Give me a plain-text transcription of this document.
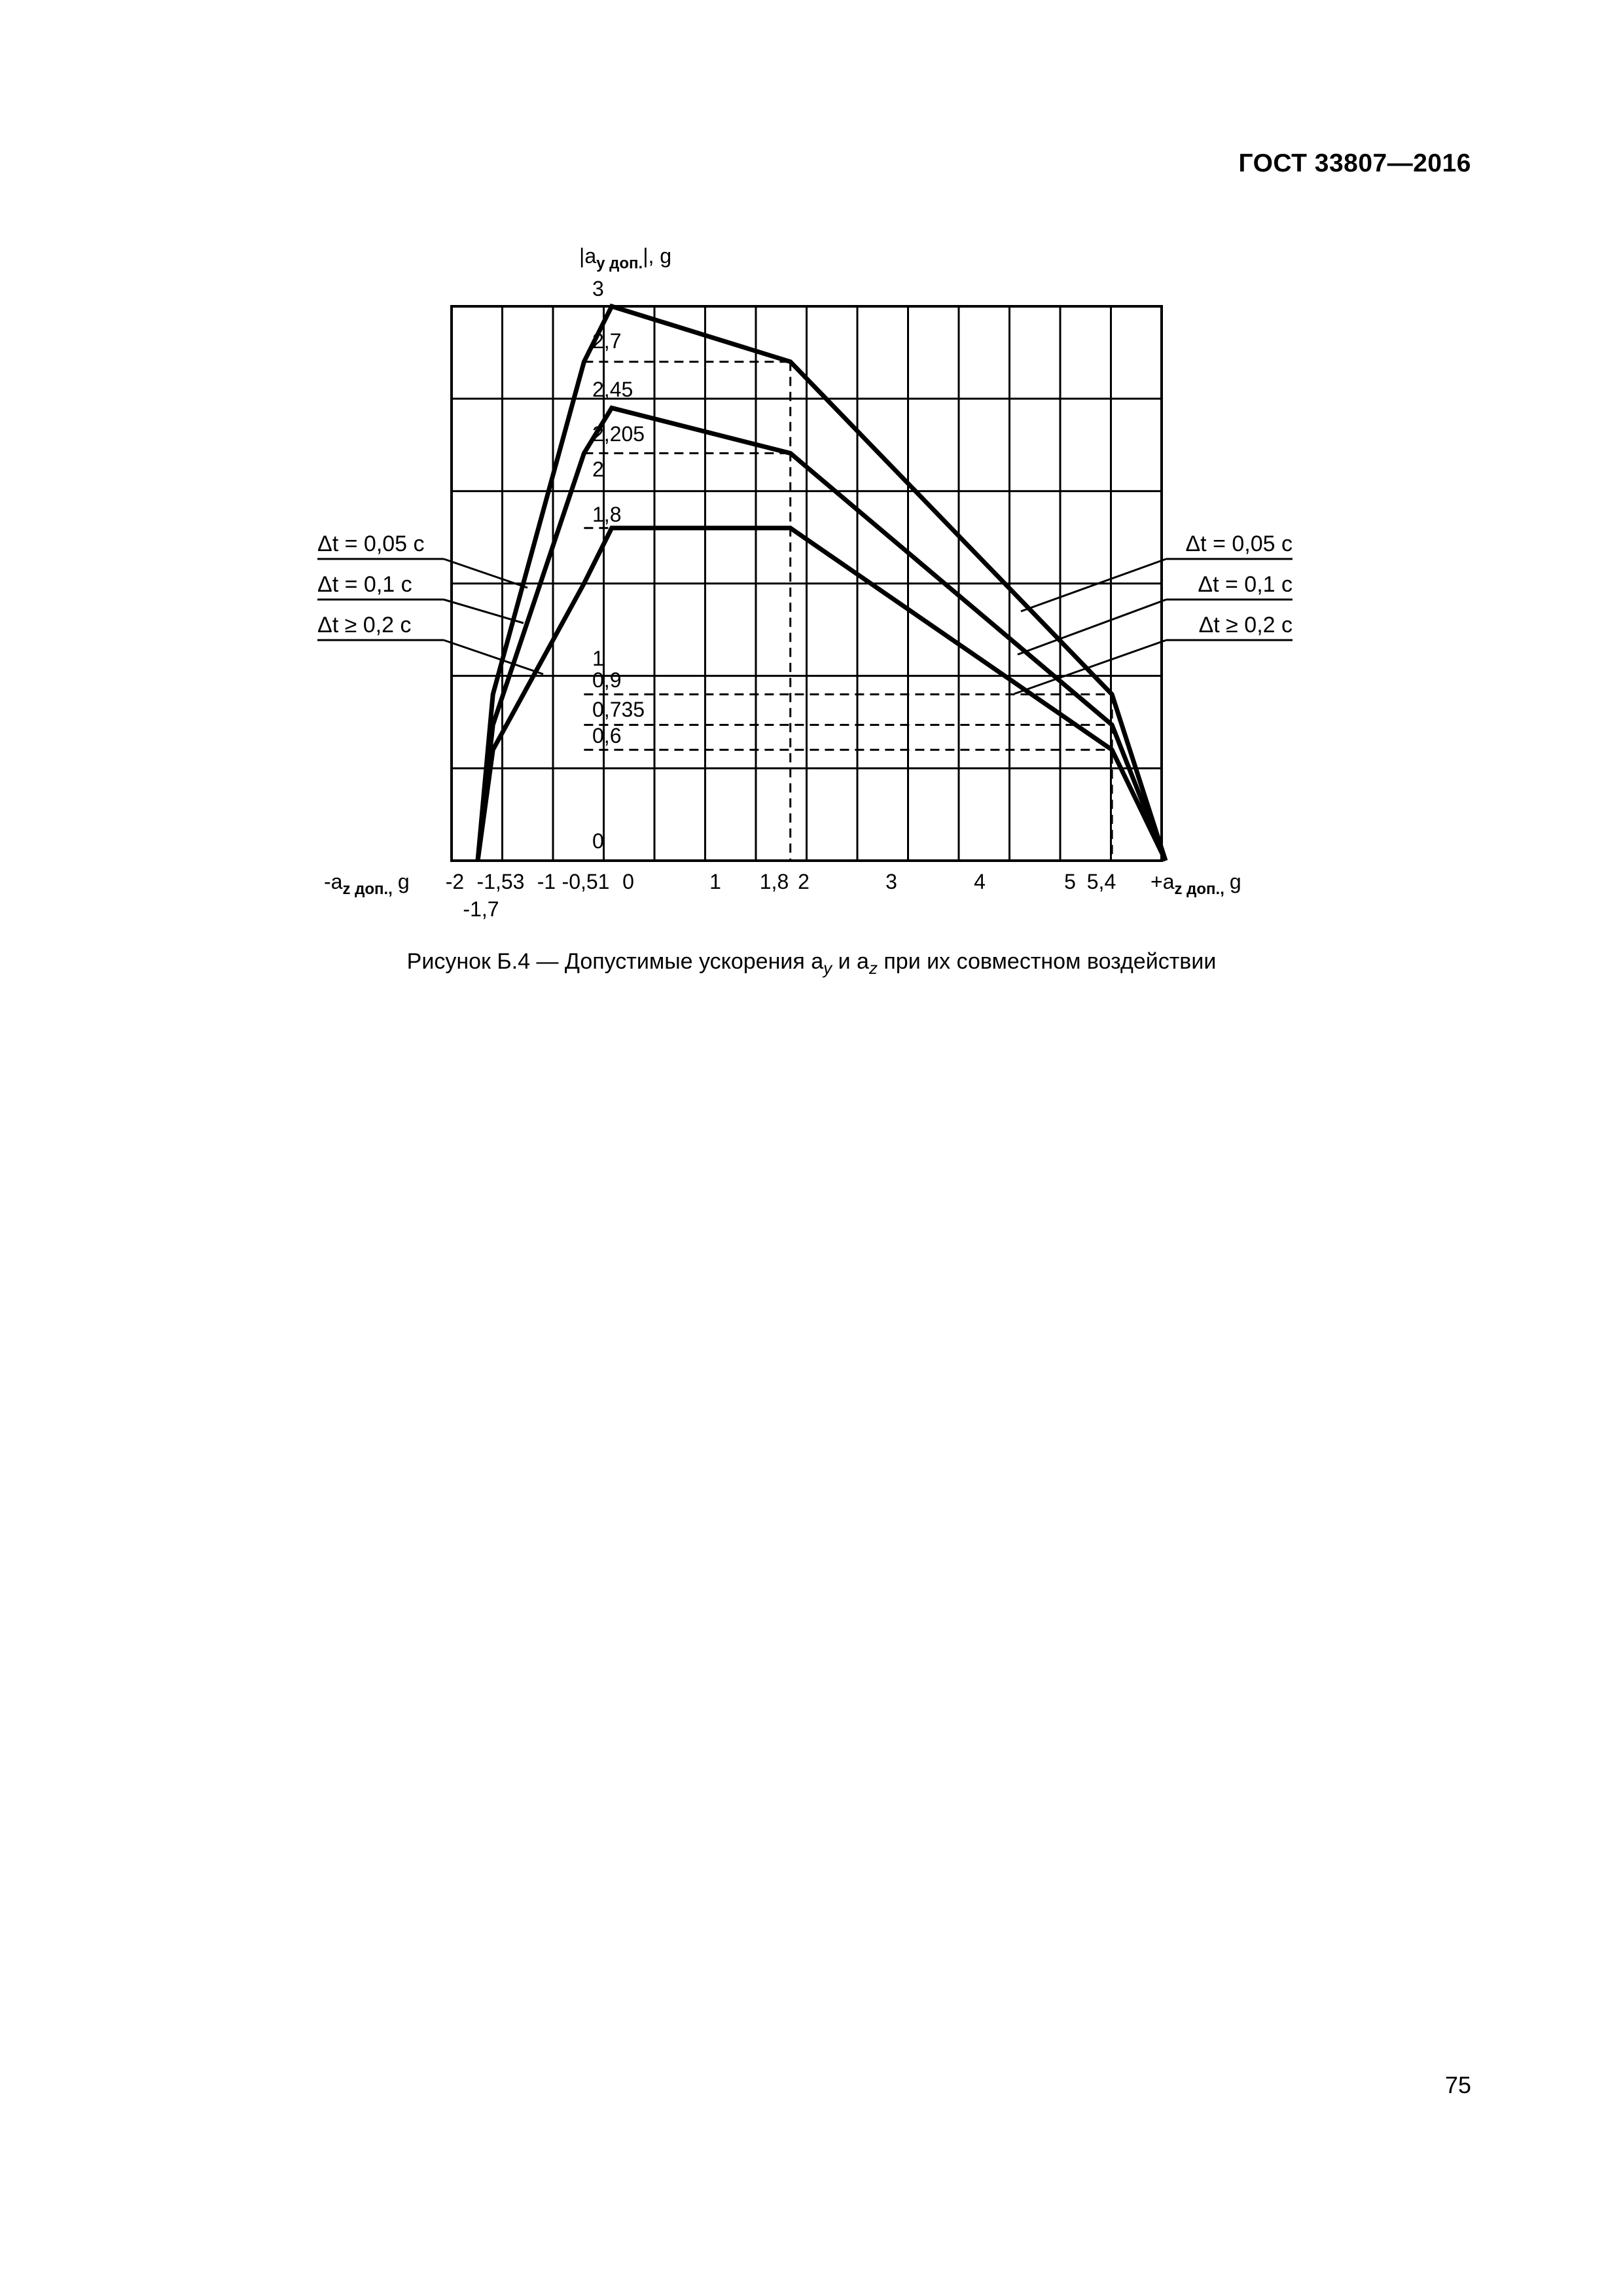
ГОСТ 33807—2016
$|a_{y доп.}|$, g
$-a_{z доп.,}$ g	$+a_{z доп.,}$ g
-2 -1,53 -1 -0,51 0	1 1,8 2	3	4	5 5,4
-1,7
3
2,7
2,45
2,205
2
1,8
1
0,9
0,735
0,6
0
Δt = 0,05 c
Δt = 0,1 c
Δt ≥ 0,2 c
Δt = 0,05 c
Δt = 0,1 c
Δt ≥ 0,2 c
Рисунок Б.4 — Допустимые ускорения $a_y$ и $a_z$ при их совместном воздействии
75
